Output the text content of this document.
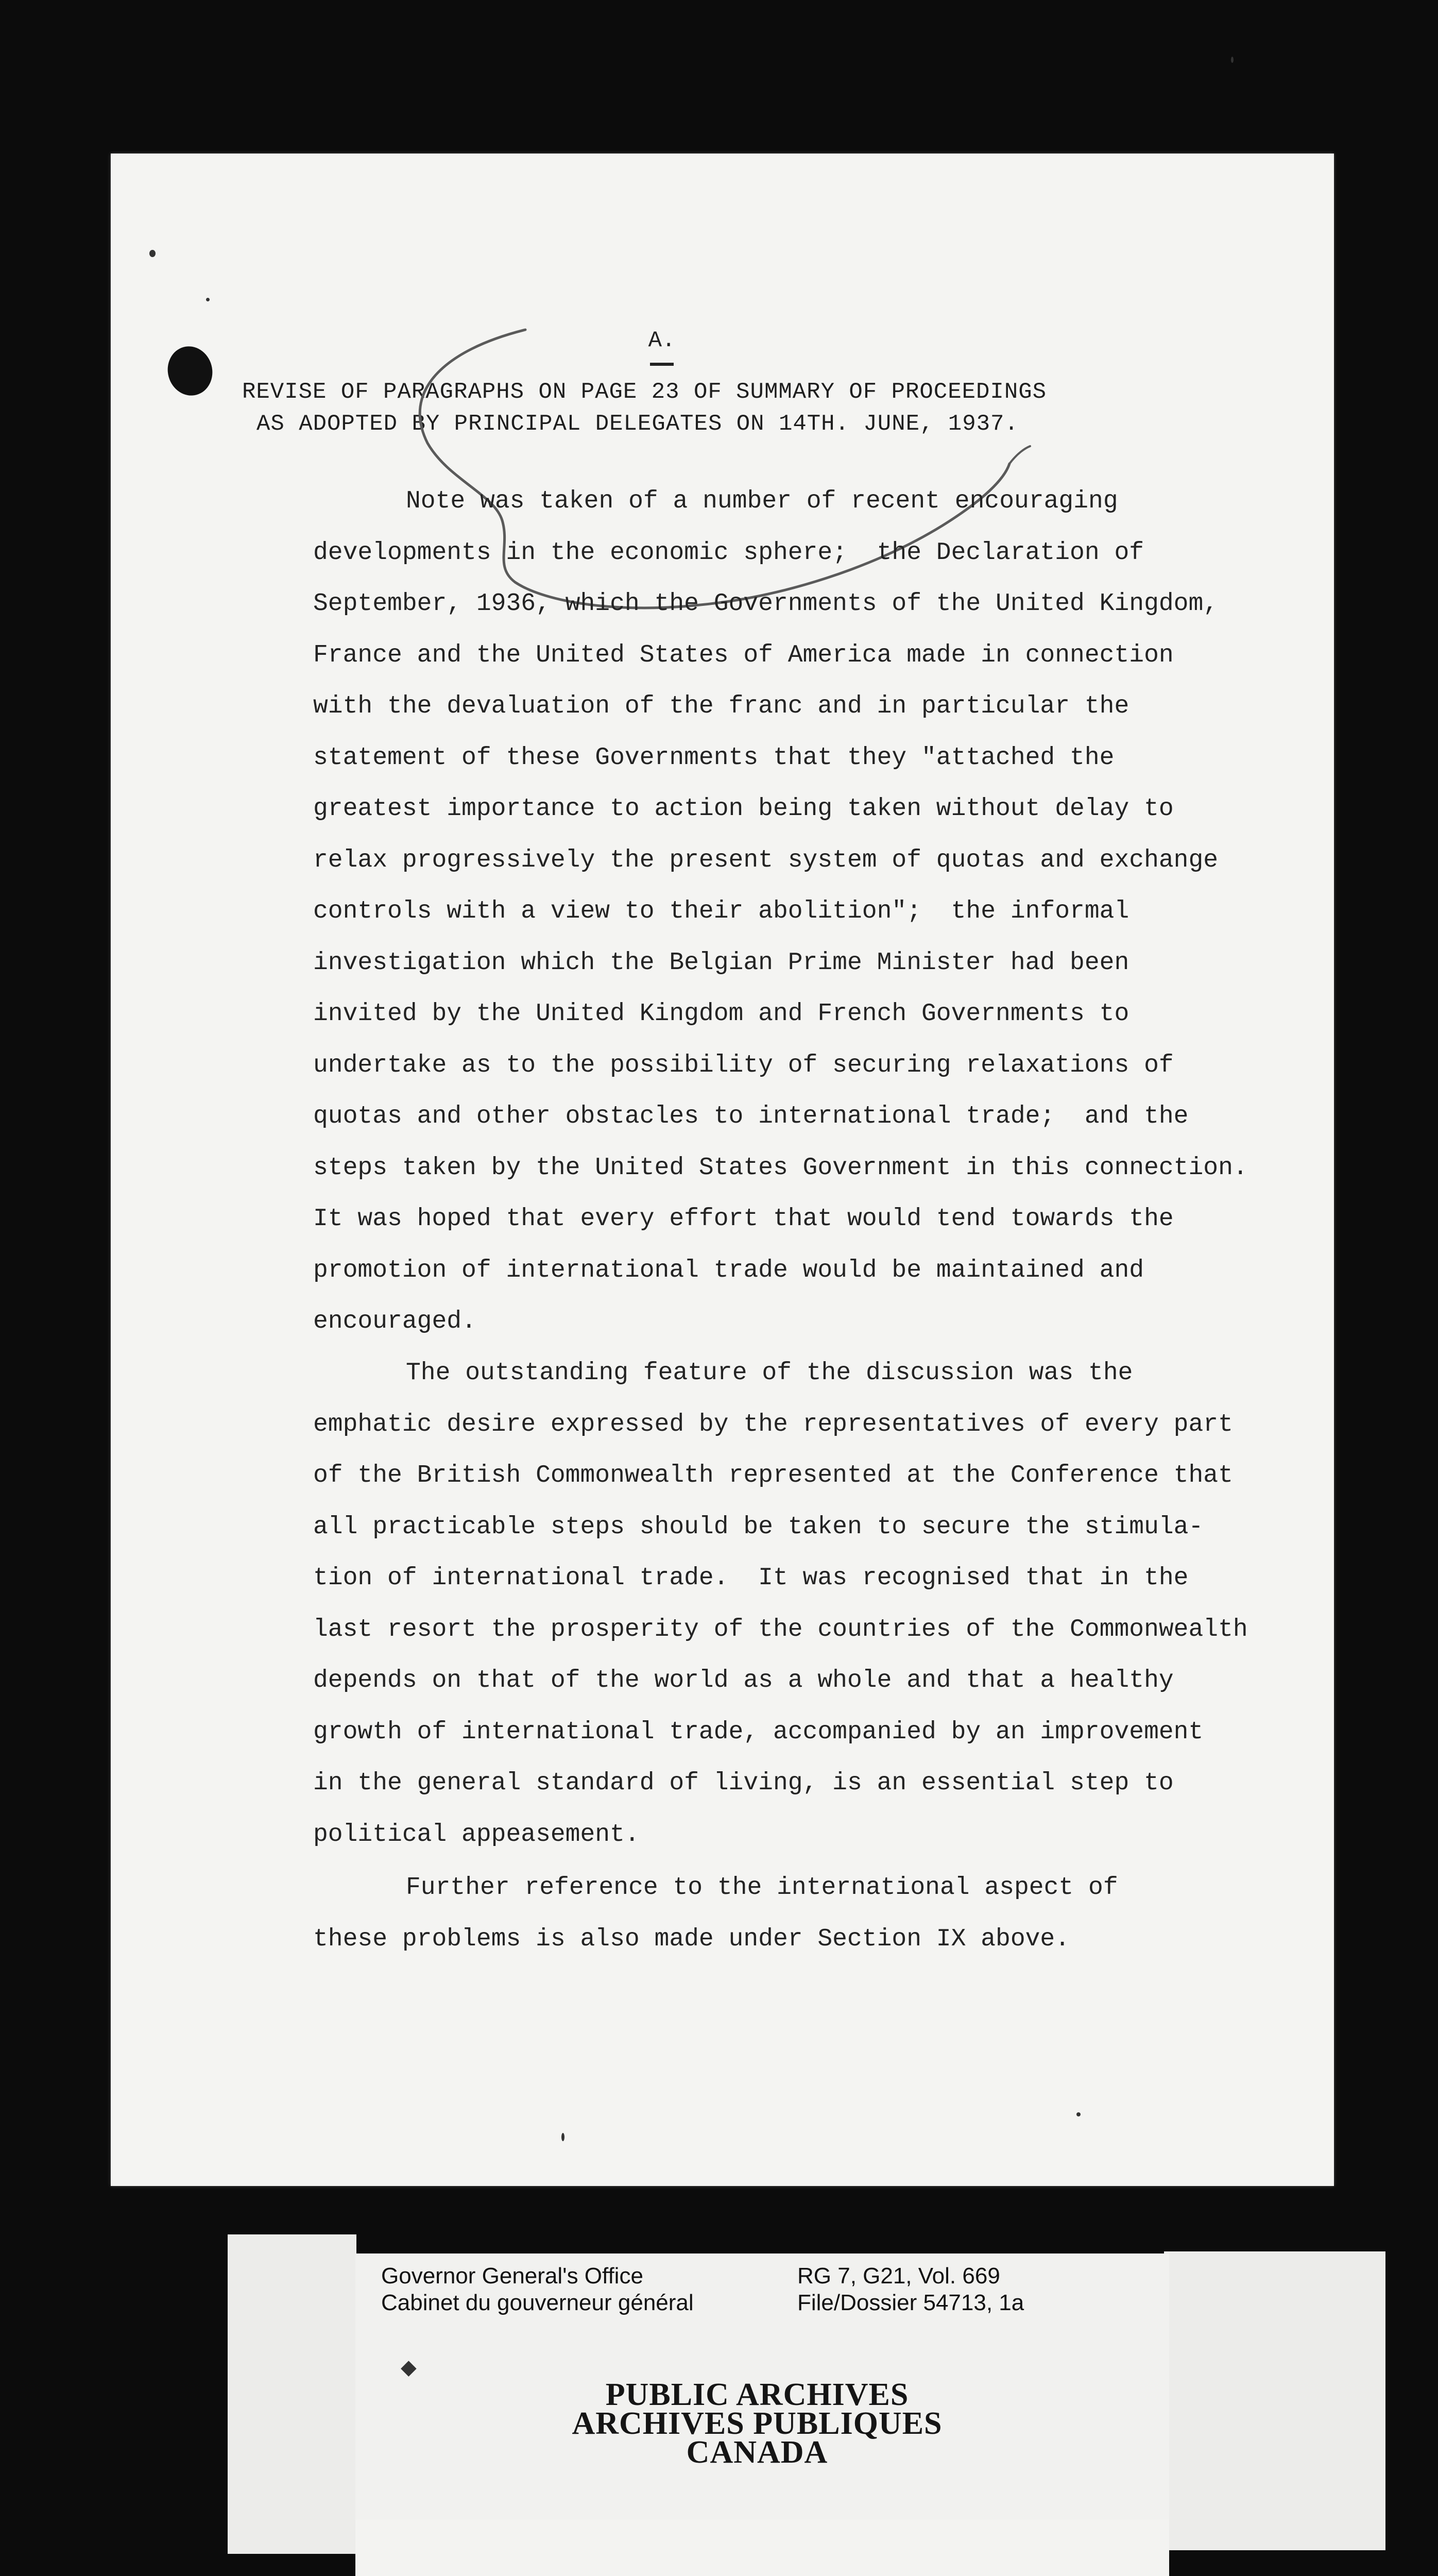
A.
REVISE OF PARAGRAPHS ON PAGE 23 OF SUMMARY OF PROCEEDINGS
AS ADOPTED BY PRINCIPAL DELEGATES ON 14TH. JUNE, 1937.
Note was taken of a number of recent encouraging
developments in the economic sphere;  the Declaration of
September, 1936, which the Governments of the United Kingdom,
France and the United States of America made in connection
with the devaluation of the franc and in particular the
statement of these Governments that they "attached the
greatest importance to action being taken without delay to
relax progressively the present system of quotas and exchange
controls with a view to their abolition";  the informal
investigation which the Belgian Prime Minister had been
invited by the United Kingdom and French Governments to
undertake as to the possibility of securing relaxations of
quotas and other obstacles to international trade;  and the
steps taken by the United States Government in this connection.
It was hoped that every effort that would tend towards the
promotion of international trade would be maintained and
encouraged.
The outstanding feature of the discussion was the
emphatic desire expressed by the representatives of every part
of the British Commonwealth represented at the Conference that
all practicable steps should be taken to secure the stimula-
tion of international trade.  It was recognised that in the
last resort the prosperity of the countries of the Commonwealth
depends on that of the world as a whole and that a healthy
growth of international trade, accompanied by an improvement
in the general standard of living, is an essential step to
political appeasement.
Further reference to the international aspect of
these problems is also made under Section IX above.
Governor General's Office
Cabinet du gouverneur général
RG 7, G21, Vol. 669
File/Dossier 54713, 1a
◆
PUBLIC ARCHIVES
ARCHIVES PUBLIQUES
CANADA
